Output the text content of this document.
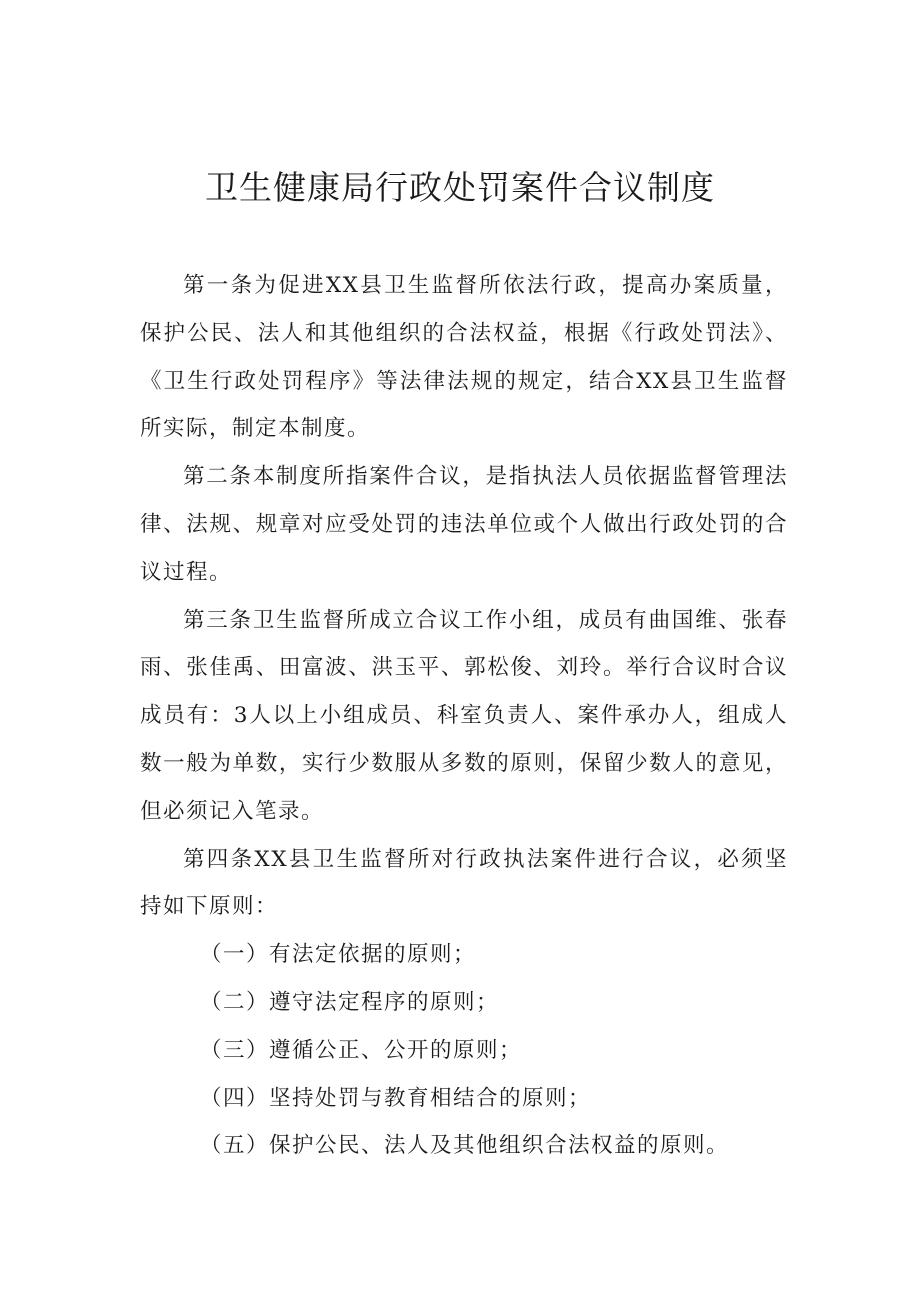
卫生健康局行政处罚案件合议制度

第一条为促进XX县卫生监督所依法行政，提高办案质量，保护公民、法人和其他组织的合法权益，根据《行政处罚法》、《卫生行政处罚程序》等法律法规的规定，结合XX县卫生监督所实际，制定本制度。

第二条本制度所指案件合议，是指执法人员依据监督管理法律、法规、规章对应受处罚的违法单位或个人做出行政处罚的合议过程。

第三条卫生监督所成立合议工作小组，成员有曲国维、张春雨、张佳禹、田富波、洪玉平、郭松俊、刘玲。举行合议时合议成员有：3人以上小组成员、科室负责人、案件承办人，组成人数一般为单数，实行少数服从多数的原则，保留少数人的意见，但必须记入笔录。

第四条XX县卫生监督所对行政执法案件进行合议，必须坚持如下原则：

（一）有法定依据的原则；

（二）遵守法定程序的原则；

（三）遵循公正、公开的原则；

（四）坚持处罚与教育相结合的原则；

（五）保护公民、法人及其他组织合法权益的原则。
